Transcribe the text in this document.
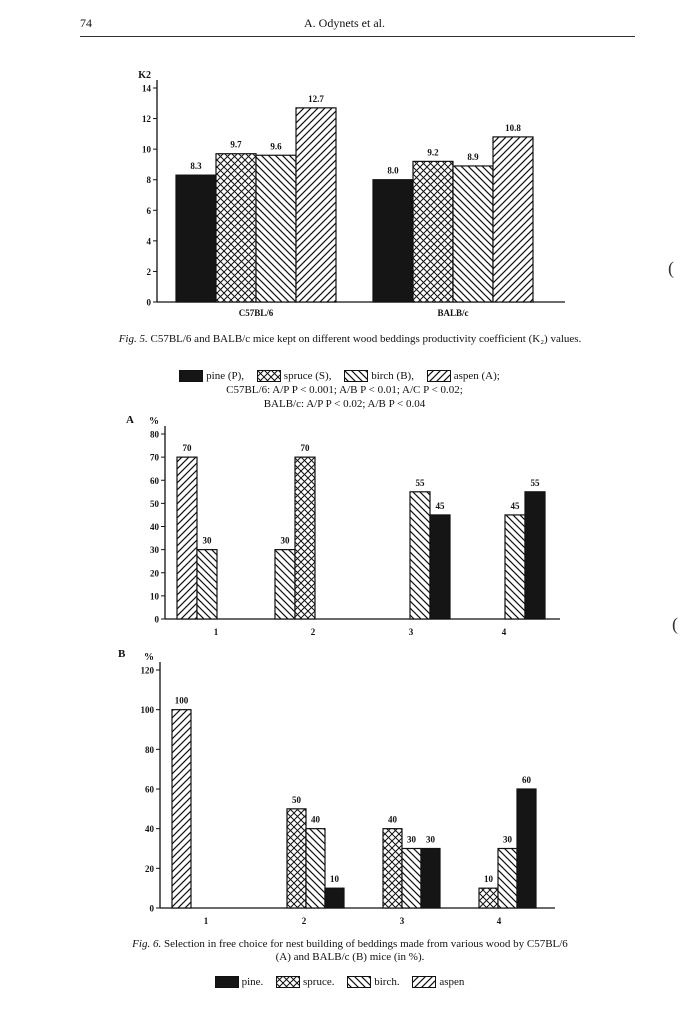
74	A. Odynets et al.
K2
0
2
4
6
8
10
12
14
8.3
9.7	9.6
12.7
C57BL/6
8.0
9.2	8.9
10.8
BALB/c
Fig. 5. C57BL/6 and BALB/c mice kept on different wood beddings productivity coefficient (K₂) values.
pine (P),	spruce (S),	birch (B),	aspen (A);
C57BL/6: A/P P < 0.001; A/B P < 0.01; A/C P < 0.02;
BALB/c: A/P P < 0.02; A/B P < 0.04
A %
0
10
20
30
40
50
60
70
80
70
30	30
70
55
45	45
55
1	2	3	4
B %
0
20
40
60
80
100
120
100
50
40
10
40
30 30
10
30
60
1	2	3	4
Fig. 6. Selection in free choice for nest building of beddings made from various wood by C57BL/6 (A) and BALB/c (B) mice (in %).
pine.	spruce.	birch.	aspen
(
(
